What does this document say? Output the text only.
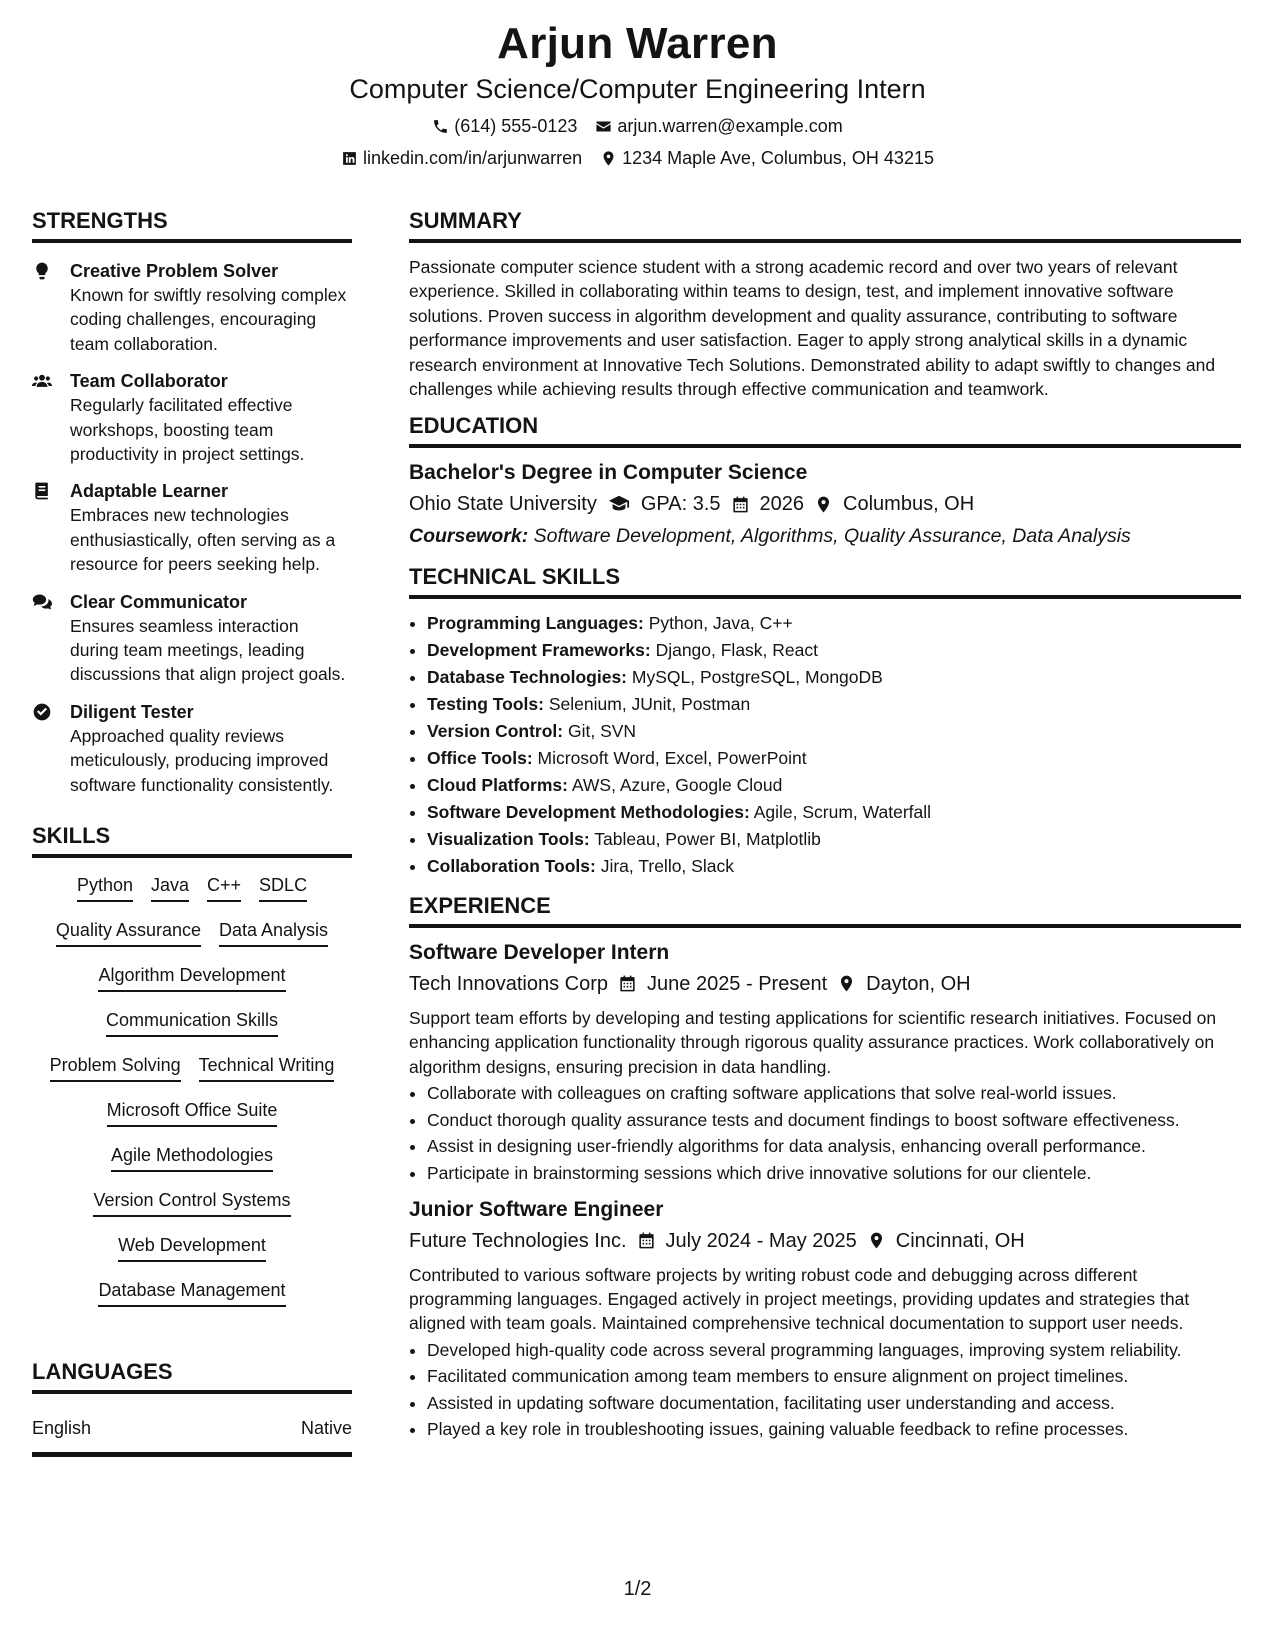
Arjun Warren
Computer Science/Computer Engineering Intern
(614) 555-0123 arjun.warren@example.com
linkedin.com/in/arjunwarren 1234 Maple Ave, Columbus, OH 43215
STRENGTHS
Creative Problem Solver
Known for swiftly resolving complex coding challenges, encouraging team collaboration.
Team Collaborator
Regularly facilitated effective workshops, boosting team productivity in project settings.
Adaptable Learner
Embraces new technologies enthusiastically, often serving as a resource for peers seeking help.
Clear Communicator
Ensures seamless interaction during team meetings, leading discussions that align project goals.
Diligent Tester
Approached quality reviews meticulously, producing improved software functionality consistently.
SKILLS
Python Java C++ SDLC
Quality Assurance Data Analysis
Algorithm Development
Communication Skills
Problem Solving Technical Writing
Microsoft Office Suite
Agile Methodologies
Version Control Systems
Web Development
Database Management
LANGUAGES
English	Native
SUMMARY
Passionate computer science student with a strong academic record and over two years of relevant experience. Skilled in collaborating within teams to design, test, and implement innovative software solutions. Proven success in algorithm development and quality assurance, contributing to software performance improvements and user satisfaction. Eager to apply strong analytical skills in a dynamic research environment at Innovative Tech Solutions. Demonstrated ability to adapt swiftly to changes and challenges while achieving results through effective communication and teamwork.
EDUCATION
Bachelor's Degree in Computer Science
Ohio State University GPA: 3.5 2026 Columbus, OH
Coursework: Software Development, Algorithms, Quality Assurance, Data Analysis
TECHNICAL SKILLS
• Programming Languages: Python, Java, C++
• Development Frameworks: Django, Flask, React
• Database Technologies: MySQL, PostgreSQL, MongoDB
• Testing Tools: Selenium, JUnit, Postman
• Version Control: Git, SVN
• Office Tools: Microsoft Word, Excel, PowerPoint
• Cloud Platforms: AWS, Azure, Google Cloud
• Software Development Methodologies: Agile, Scrum, Waterfall
• Visualization Tools: Tableau, Power BI, Matplotlib
• Collaboration Tools: Jira, Trello, Slack
EXPERIENCE
Software Developer Intern
Tech Innovations Corp June 2025 - Present Dayton, OH
Support team efforts by developing and testing applications for scientific research initiatives. Focused on enhancing application functionality through rigorous quality assurance practices. Work collaboratively on algorithm designs, ensuring precision in data handling.
• Collaborate with colleagues on crafting software applications that solve real-world issues.
• Conduct thorough quality assurance tests and document findings to boost software effectiveness.
• Assist in designing user-friendly algorithms for data analysis, enhancing overall performance.
• Participate in brainstorming sessions which drive innovative solutions for our clientele.
Junior Software Engineer
Future Technologies Inc. July 2024 - May 2025 Cincinnati, OH
Contributed to various software projects by writing robust code and debugging across different programming languages. Engaged actively in project meetings, providing updates and strategies that aligned with team goals. Maintained comprehensive technical documentation to support user needs.
• Developed high-quality code across several programming languages, improving system reliability.
• Facilitated communication among team members to ensure alignment on project timelines.
• Assisted in updating software documentation, facilitating user understanding and access.
• Played a key role in troubleshooting issues, gaining valuable feedback to refine processes.
1/2
